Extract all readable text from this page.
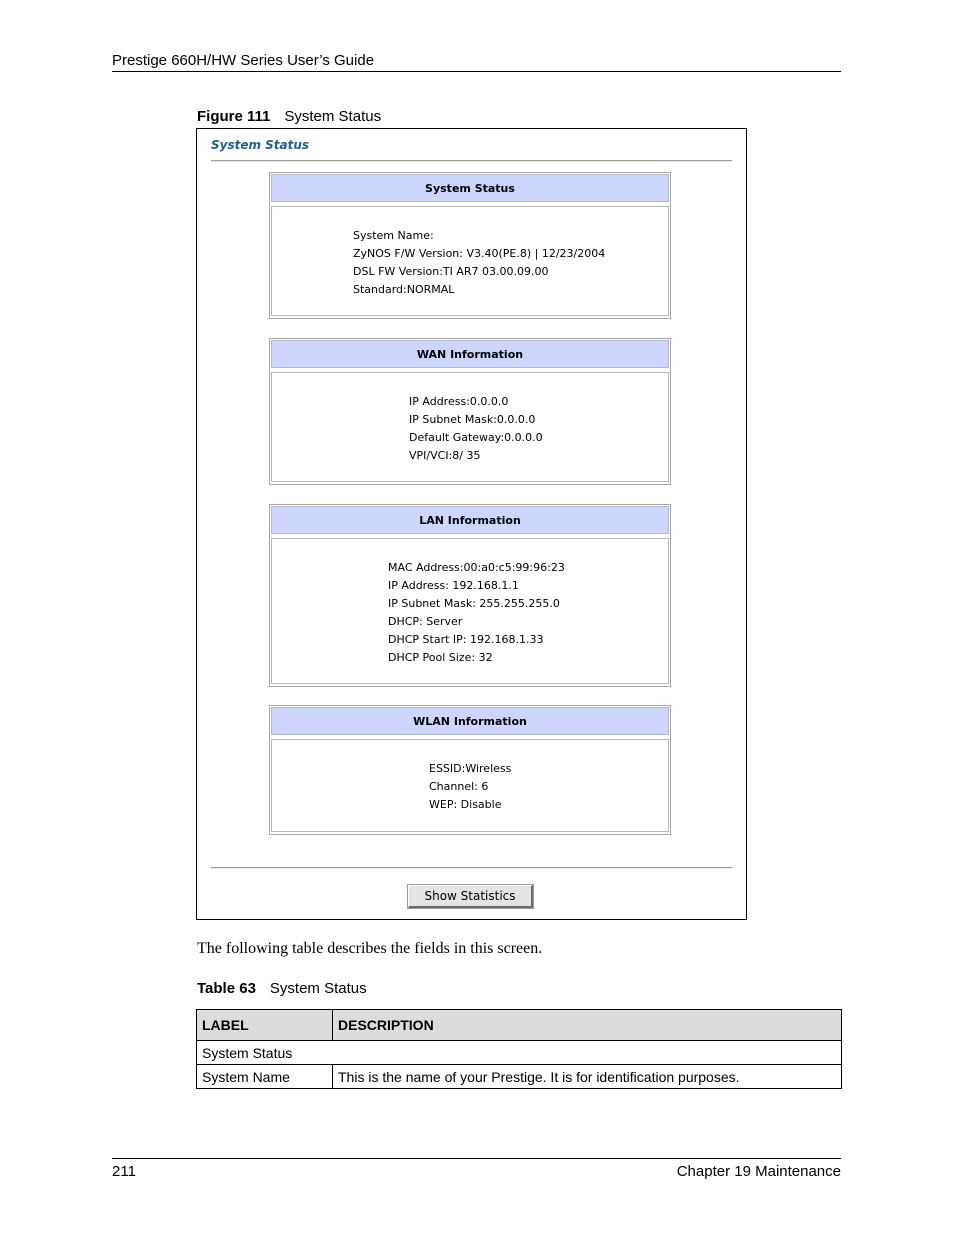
Prestige 660H/HW Series User’s Guide
Figure 111 System Status
System Status
System Status
System Name:
ZyNOS F/W Version: V3.40(PE.8) | 12/23/2004
DSL FW Version:TI AR7 03.00.09.00
Standard:NORMAL
WAN Information
IP Address:0.0.0.0
IP Subnet Mask:0.0.0.0
Default Gateway:0.0.0.0
VPI/VCI:8/ 35
LAN Information
MAC Address:00:a0:c5:99:96:23
IP Address: 192.168.1.1
IP Subnet Mask: 255.255.255.0
DHCP: Server
DHCP Start IP: 192.168.1.33
DHCP Pool Size: 32
WLAN Information
ESSID:Wireless
Channel: 6
WEP: Disable
Show Statistics
The following table describes the fields in this screen.
Table 63 System Status
LABEL	DESCRIPTION
System Status	
System Name	This is the name of your Prestige. It is for identification purposes.
211	Chapter 19 Maintenance
